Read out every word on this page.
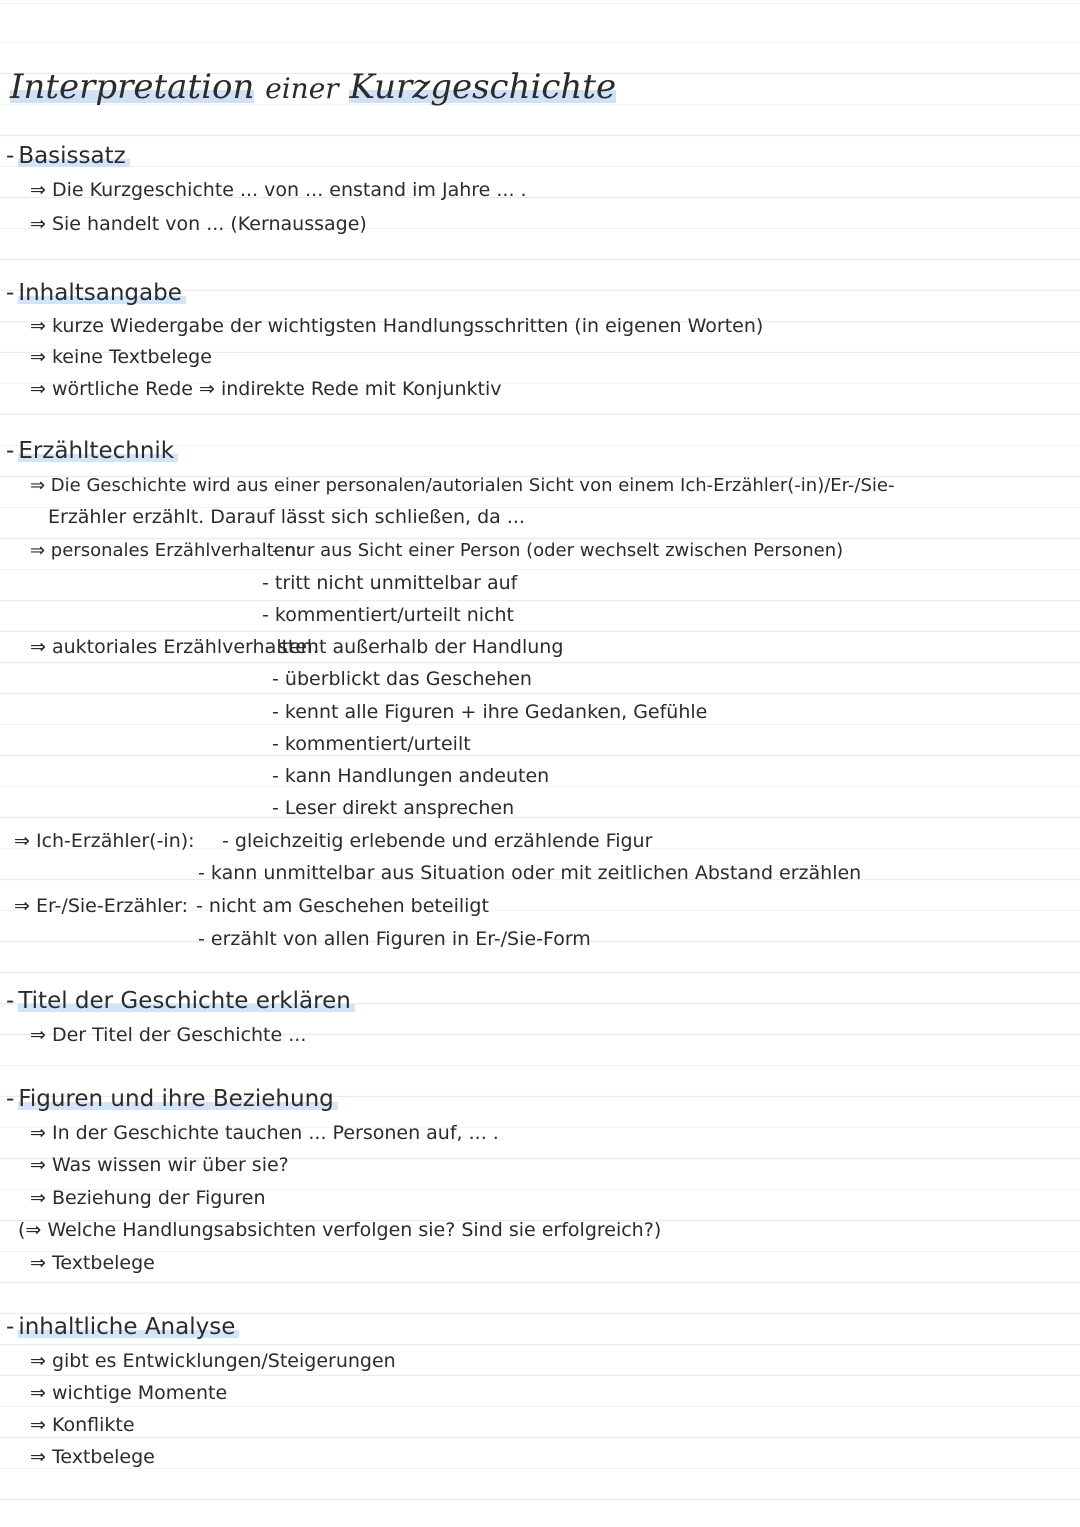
Interpretation einer Kurzgeschichte
- Basissatz
⇒ Die Kurzgeschichte ... von ... enstand im Jahre ... .
⇒ Sie handelt von ... (Kernaussage)
- Inhaltsangabe
⇒ kurze Wiedergabe der wichtigsten Handlungsschritten (in eigenen Worten)
⇒ keine Textbelege
⇒ wörtliche Rede ⇒ indirekte Rede mit Konjunktiv
- Erzähltechnik
⇒ Die Geschichte wird aus einer personalen/autorialen Sicht von einem Ich-Erzähler(-in)/Er-/Sie-
Erzähler erzählt. Darauf lässt sich schließen, da ...
⇒ personales Erzählverhalten:
- nur aus Sicht einer Person (oder wechselt zwischen Personen)
- tritt nicht unmittelbar auf
- kommentiert/urteilt nicht
⇒ auktoriales Erzählverhalten:
- steht außerhalb der Handlung
- überblickt das Geschehen
- kennt alle Figuren + ihre Gedanken, Gefühle
- kommentiert/urteilt
- kann Handlungen andeuten
- Leser direkt ansprechen
⇒ Ich-Erzähler(-in): - gleichzeitig erlebende und erzählende Figur
- kann unmittelbar aus Situation oder mit zeitlichen Abstand erzählen
⇒ Er-/Sie-Erzähler: - nicht am Geschehen beteiligt
- erzählt von allen Figuren in Er-/Sie-Form
- Titel der Geschichte erklären
⇒ Der Titel der Geschichte ...
- Figuren und ihre Beziehung
⇒ In der Geschichte tauchen ... Personen auf, ... .
⇒ Was wissen wir über sie?
⇒ Beziehung der Figuren
(⇒ Welche Handlungsabsichten verfolgen sie? Sind sie erfolgreich?)
⇒ Textbelege
- inhaltliche Analyse
⇒ gibt es Entwicklungen/Steigerungen
⇒ wichtige Momente
⇒ Konflikte
⇒ Textbelege
